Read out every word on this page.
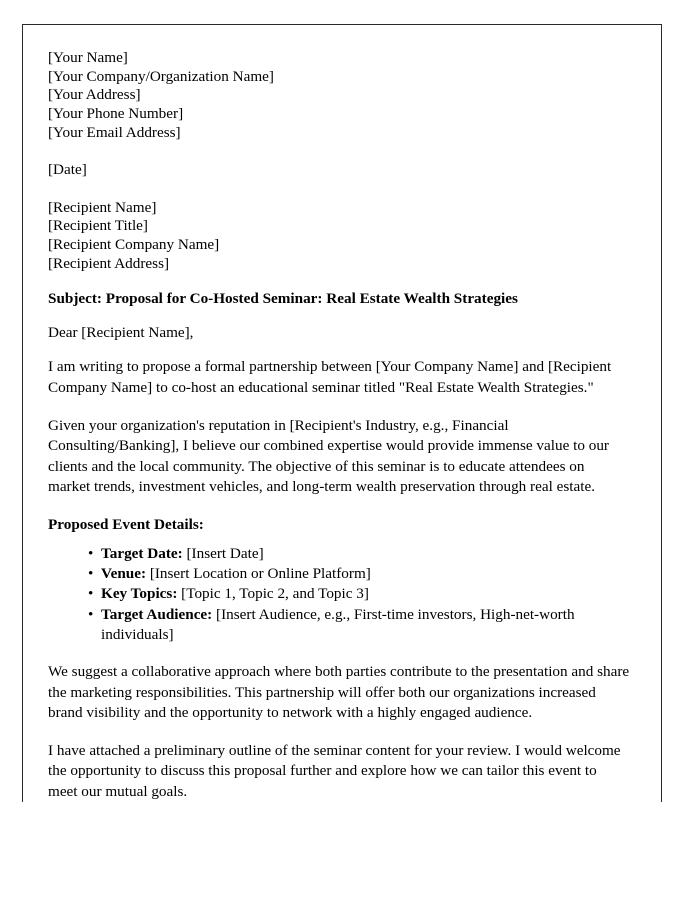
[Your Name]
[Your Company/Organization Name]
[Your Address]
[Your Phone Number]
[Your Email Address]
[Date]
[Recipient Name]
[Recipient Title]
[Recipient Company Name]
[Recipient Address]
Subject: Proposal for Co-Hosted Seminar: Real Estate Wealth Strategies
Dear [Recipient Name],

I am writing to propose a formal partnership between [Your Company Name] and [Recipient Company Name] to co-host an educational seminar titled "Real Estate Wealth Strategies."

Given your organization's reputation in [Recipient's Industry, e.g., Financial Consulting/Banking], I believe our combined expertise would provide immense value to our clients and the local community. The objective of this seminar is to educate attendees on market trends, investment vehicles, and long-term wealth preservation through real estate.

Proposed Event Details:
• Target Date: [Insert Date]
• Venue: [Insert Location or Online Platform]
• Key Topics: [Topic 1, Topic 2, and Topic 3]
• Target Audience: [Insert Audience, e.g., First-time investors, High-net-worth individuals]

We suggest a collaborative approach where both parties contribute to the presentation and share the marketing responsibilities. This partnership will offer both our organizations increased brand visibility and the opportunity to network with a highly engaged audience.

I have attached a preliminary outline of the seminar content for your review. I would welcome the opportunity to discuss this proposal further and explore how we can tailor this event to meet our mutual goals.
